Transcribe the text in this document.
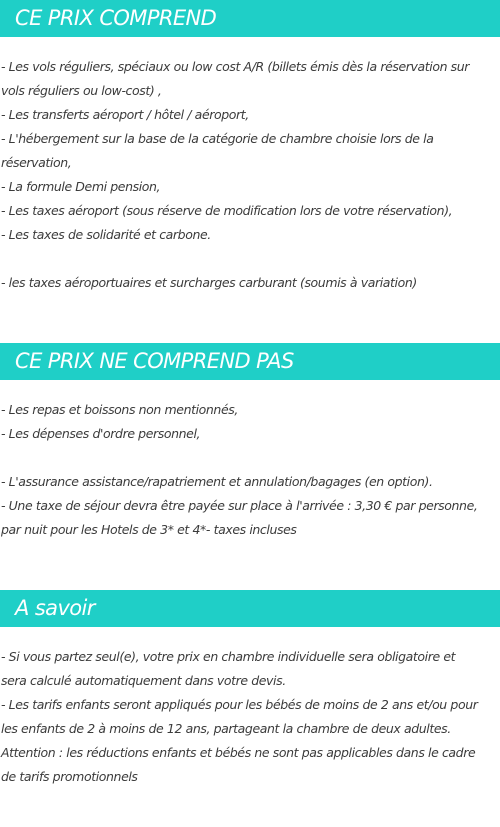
CE PRIX COMPREND
- Les vols réguliers, spéciaux ou low cost A/R (billets émis dès la réservation sur
vols réguliers ou low-cost) ,
- Les transferts aéroport / hôtel / aéroport,
- L'hébergement sur la base de la catégorie de chambre choisie lors de la
réservation,
- La formule Demi pension,
- Les taxes aéroport (sous réserve de modification lors de votre réservation),
- Les taxes de solidarité et carbone.
- les taxes aéroportuaires et surcharges carburant (soumis à variation)
CE PRIX NE COMPREND PAS
- Les repas et boissons non mentionnés,
- Les dépenses d'ordre personnel,
- L'assurance assistance/rapatriement et annulation/bagages (en option).
- Une taxe de séjour devra être payée sur place à l'arrivée : 3,30 € par personne,
par nuit pour les Hotels de 3* et 4*- taxes incluses
A savoir
- Si vous partez seul(e), votre prix en chambre individuelle sera obligatoire et
sera calculé automatiquement dans votre devis.
- Les tarifs enfants seront appliqués pour les bébés de moins de 2 ans et/ou pour
les enfants de 2 à moins de 12 ans, partageant la chambre de deux adultes.
Attention : les réductions enfants et bébés ne sont pas applicables dans le cadre
de tarifs promotionnels
